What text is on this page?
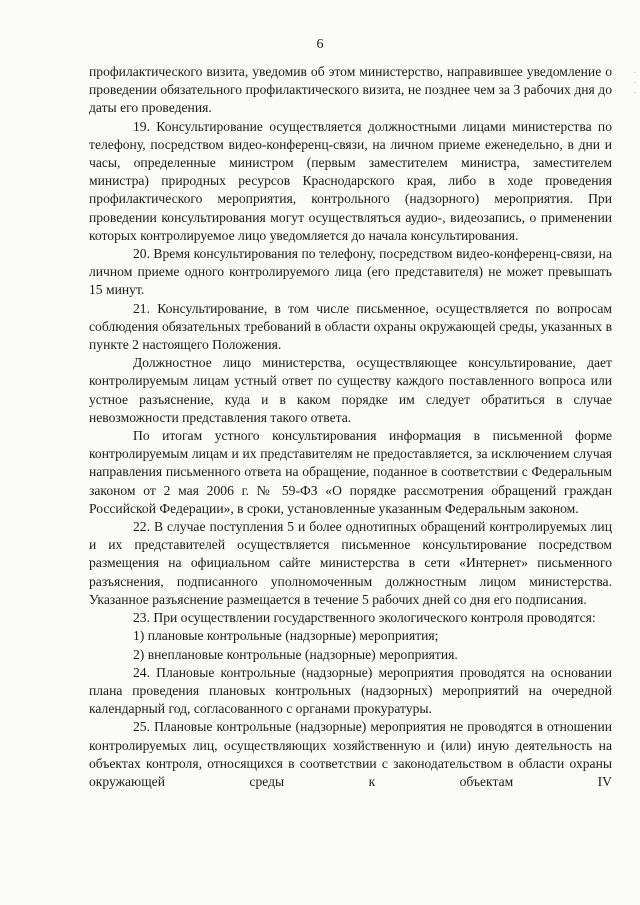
6
·
·
·

профилактического визита, уведомив об этом министерство, направившее уведомление о проведении обязательного профилактического визита, не позднее чем за 3 рабочих дня до даты его проведения.

19. Консультирование осуществляется должностными лицами министерства по телефону, посредством видео-конференц-связи, на личном приеме еженедельно, в дни и часы, определенные министром (первым заместителем министра, заместителем министра) природных ресурсов Краснодарского края, либо в ходе проведения профилактического мероприятия, контрольного (надзорного) мероприятия. При проведении консультирования могут осуществляться аудио-, видеозапись, о применении которых контролируемое лицо уведомляется до начала консультирования.

20. Время консультирования по телефону, посредством видео-конференц-связи, на личном приеме одного контролируемого лица (его представителя) не может превышать 15 минут.

21. Консультирование, в том числе письменное, осуществляется по вопросам соблюдения обязательных требований в области охраны окружающей среды, указанных в пункте 2 настоящего Положения.

Должностное лицо министерства, осуществляющее консультирование, дает контролируемым лицам устный ответ по существу каждого поставленного вопроса или устное разъяснение, куда и в каком порядке им следует обратиться в случае невозможности представления такого ответа.

По итогам устного консультирования информация в письменной форме контролируемым лицам и их представителям не предоставляется, за исключением случая направления письменного ответа на обращение, поданное в соответствии с Федеральным законом от 2 мая 2006 г. № 59-ФЗ «О порядке рассмотрения обращений граждан Российской Федерации», в сроки, установленные указанным Федеральным законом.

22. В случае поступления 5 и более однотипных обращений контролируемых лиц и их представителей осуществляется письменное консультирование посредством размещения на официальном сайте министерства в сети «Интернет» письменного разъяснения, подписанного уполномоченным должностным лицом министерства. Указанное разъяснение размещается в течение 5 рабочих дней со дня его подписания.

23. При осуществлении государственного экологического контроля проводятся:

1) плановые контрольные (надзорные) мероприятия;

2) внеплановые контрольные (надзорные) мероприятия.

24. Плановые контрольные (надзорные) мероприятия проводятся на основании плана проведения плановых контрольных (надзорных) мероприятий на очередной календарный год, согласованного с органами прокуратуры.

25. Плановые контрольные (надзорные) мероприятия не проводятся в отношении контролируемых лиц, осуществляющих хозяйственную и (или) иную деятельность на объектах контроля, относящихся в соответствии с законодательством в области охраны окружающей среды к объектам IV
